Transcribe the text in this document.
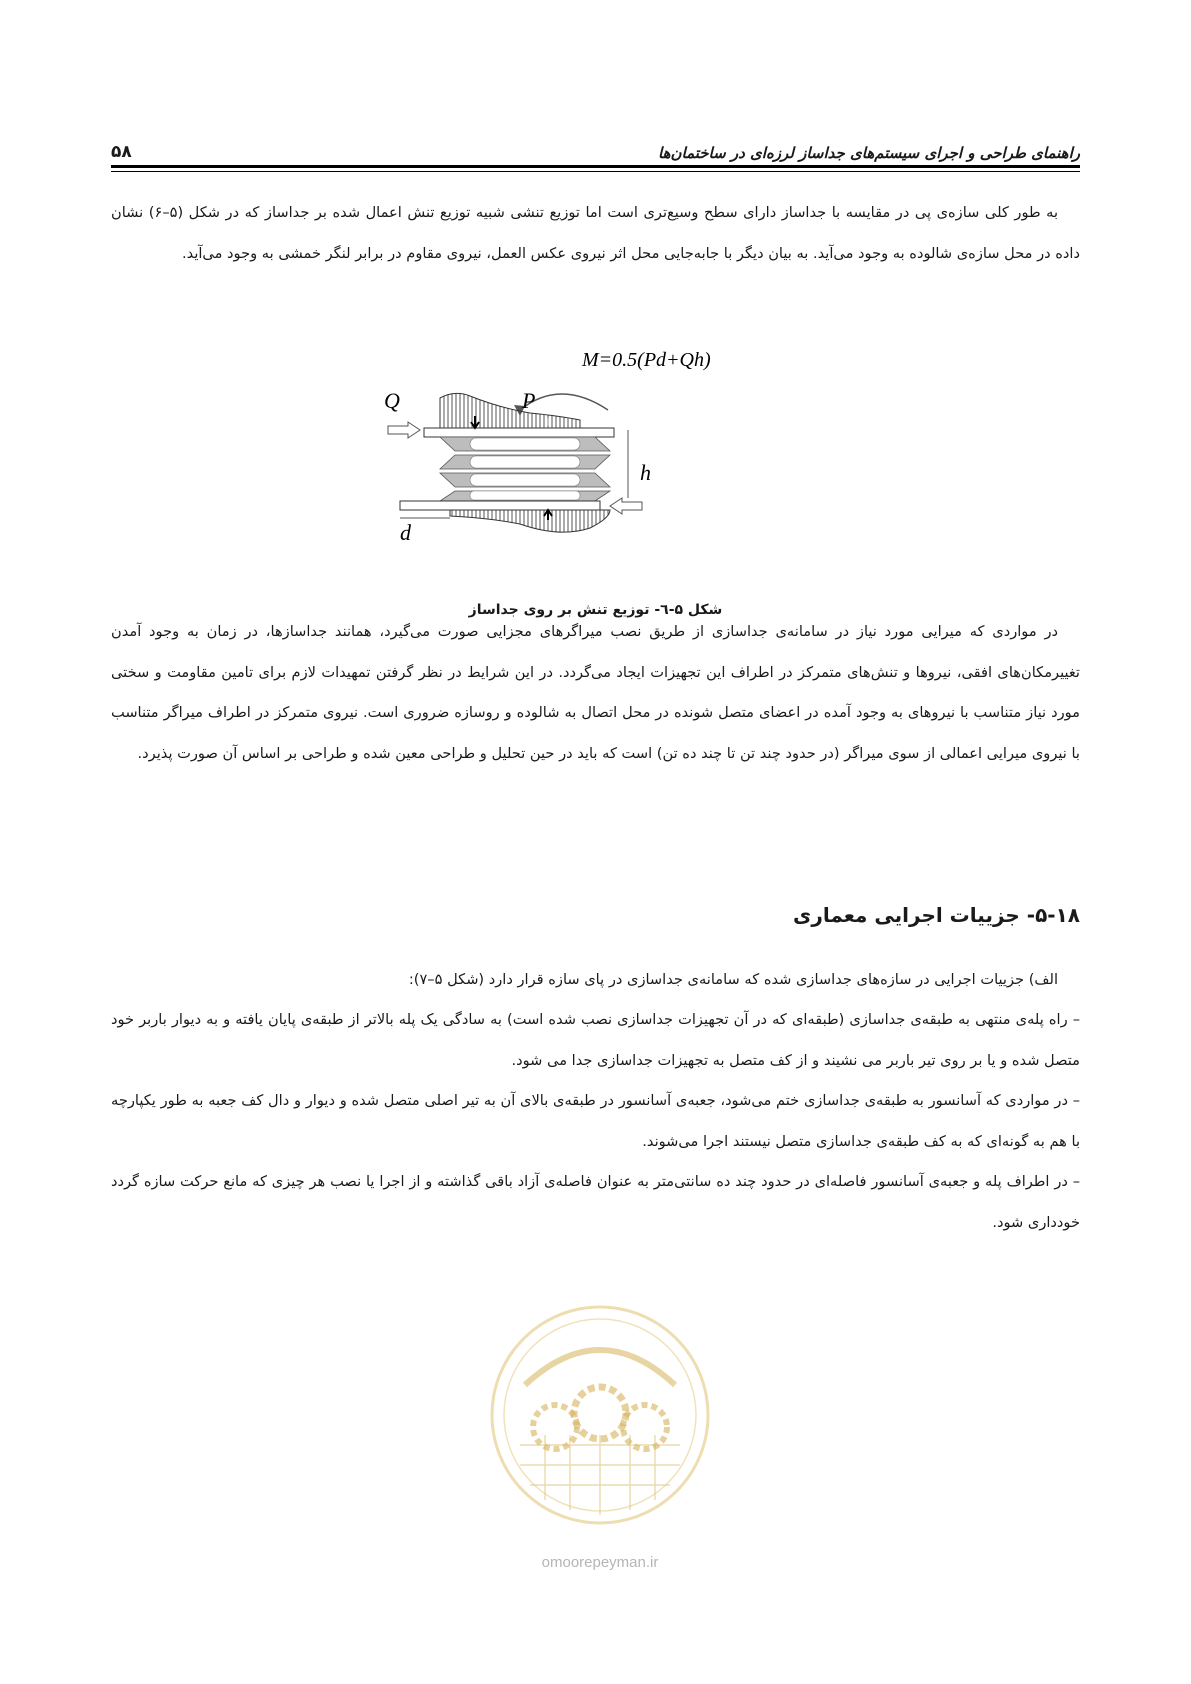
راهنمای طراحی و اجرای سیستم‌های جداساز لرزه‌ای در ساختمان‌ها
۵۸

به طور کلی سازه‌ی پی در مقایسه با جداساز دارای سطح وسیع‌تری است اما توزیع تنشی شبیه توزیع تنش اعمال شده بر جداساز که در شکل (۵–۶) نشان داده در محل سازه‌ی شالوده به وجود می‌آید. به بیان دیگر با جابه‌جایی محل اثر نیروی عکس العمل، نیروی مقاوم در برابر لنگر خمشی به وجود می‌آید.

M=0.5(Pd+Qh)
Q	P
h
d
شکل ۵-٦- توزیع تنش بر روی جداساز

در مواردی که میرایی مورد نیاز در سامانه‌ی جداسازی از طریق نصب میراگرهای مجزایی صورت می‌گیرد، همانند جداسازها، در زمان به وجود آمدن تغییرمکان‌های افقی، نیروها و تنش‌های متمرکز در اطراف این تجهیزات ایجاد می‌گردد. در این شرایط در نظر گرفتن تمهیدات لازم برای تامین مقاومت و سختی مورد نیاز متناسب با نیروهای به وجود آمده در اعضای متصل شونده در محل اتصال به شالوده و روسازه ضروری است. نیروی متمرکز در اطراف میراگر متناسب با نیروی میرایی اعمالی از سوی میراگر (در حدود چند تن تا چند ده تن) است که باید در حین تحلیل و طراحی معین شده و طراحی بر اساس آن صورت پذیرد.

۵-۱۸- جزییات اجرایی معماری

الف) جزییات اجرایی در سازه‌های جداسازی شده که سامانه‌ی جداسازی در پای سازه قرار دارد (شکل ۵–۷):

– راه پله‌ی منتهی به طبقه‌ی جداسازی (طبقه‌ای که در آن تجهیزات جداسازی نصب شده است) به سادگی یک پله بالاتر از طبقه‌ی پایان یافته و به دیوار باربر خود متصل شده و یا بر روی تیر باربر می نشیند و از کف متصل به تجهیزات جداسازی جدا می شود.

– در مواردی که آسانسور به طبقه‌ی جداسازی ختم می‌شود، جعبه‌ی آسانسور در طبقه‌ی بالای آن به تیر اصلی متصل شده و دیوار و دال کف جعبه به طور یکپارچه با هم به گونه‌ای که به کف طبقه‌ی جداسازی متصل نیستند اجرا می‌شوند.

– در اطراف پله و جعبه‌ی آسانسور فاصله‌ای در حدود چند ده سانتی‌متر به عنوان فاصله‌ی آزاد باقی گذاشته و از اجرا یا نصب هر چیزی که مانع حرکت سازه گردد خودداری شود.

omoorepeyman.ir
